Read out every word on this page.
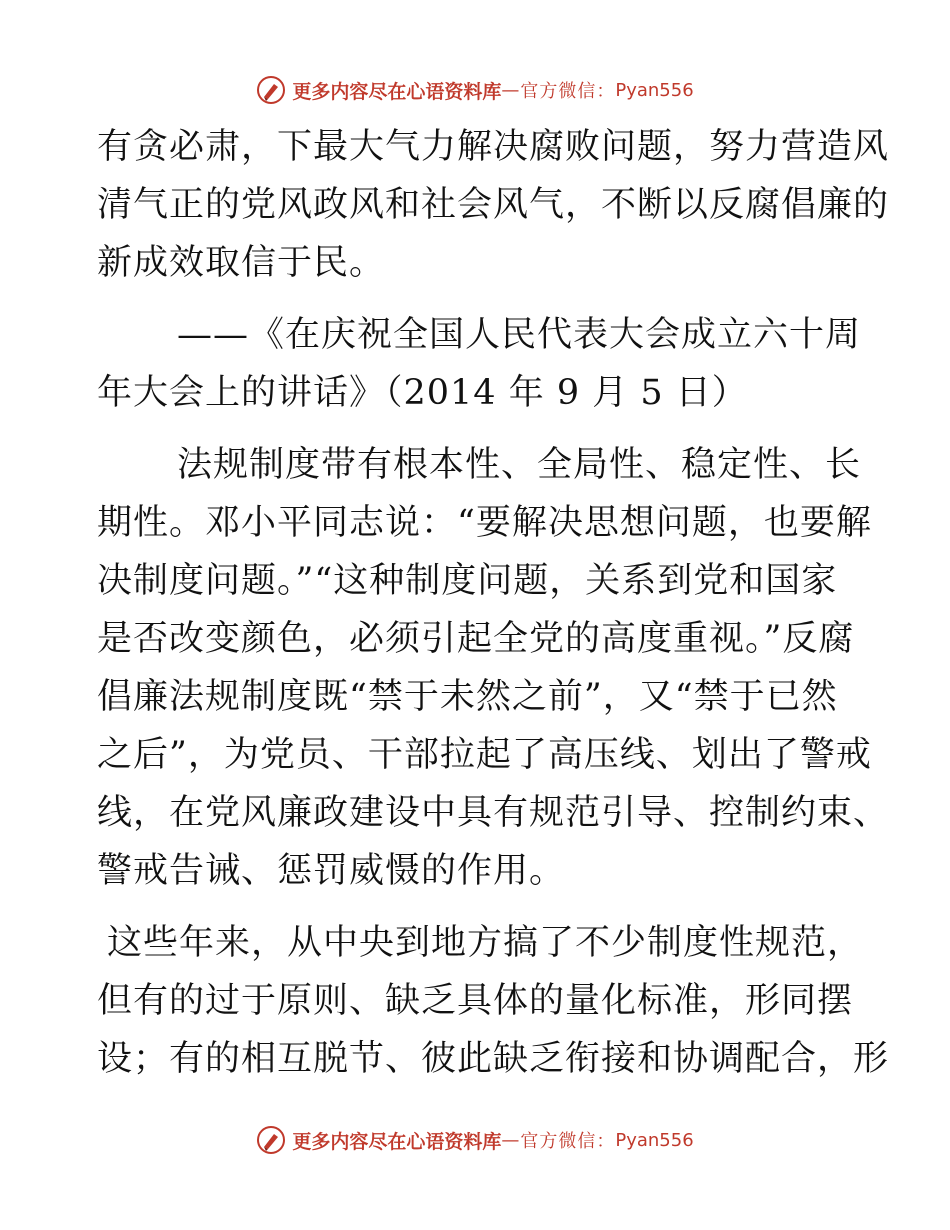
更多内容尽在心语资料库 — 官方微信： Pyan556
有贪必肃，下最大气力解决腐败问题，努力营造风
清气正的党风政风和社会风气，不断以反腐倡廉的
新成效取信于民。
——《在庆祝全国人民代表大会成立六十周
年大会上的讲话》（2014 年 9 月 5 日）
法规制度带有根本性、全局性、稳定性、长
期性。邓小平同志说：“要解决思想问题，也要解
决制度问题。”“这种制度问题，关系到党和国家
是否改变颜色，必须引起全党的高度重视。”反腐
倡廉法规制度既“禁于未然之前”，又“禁于已然
之后”，为党员、干部拉起了高压线、划出了警戒
线，在党风廉政建设中具有规范引导、控制约束、
警戒告诫、惩罚威慑的作用。
这些年来，从中央到地方搞了不少制度性规范，
但有的过于原则、缺乏具体的量化标准，形同摆
设；有的相互脱节、彼此缺乏衔接和协调配合，形
更多内容尽在心语资料库 — 官方微信： Pyan556
